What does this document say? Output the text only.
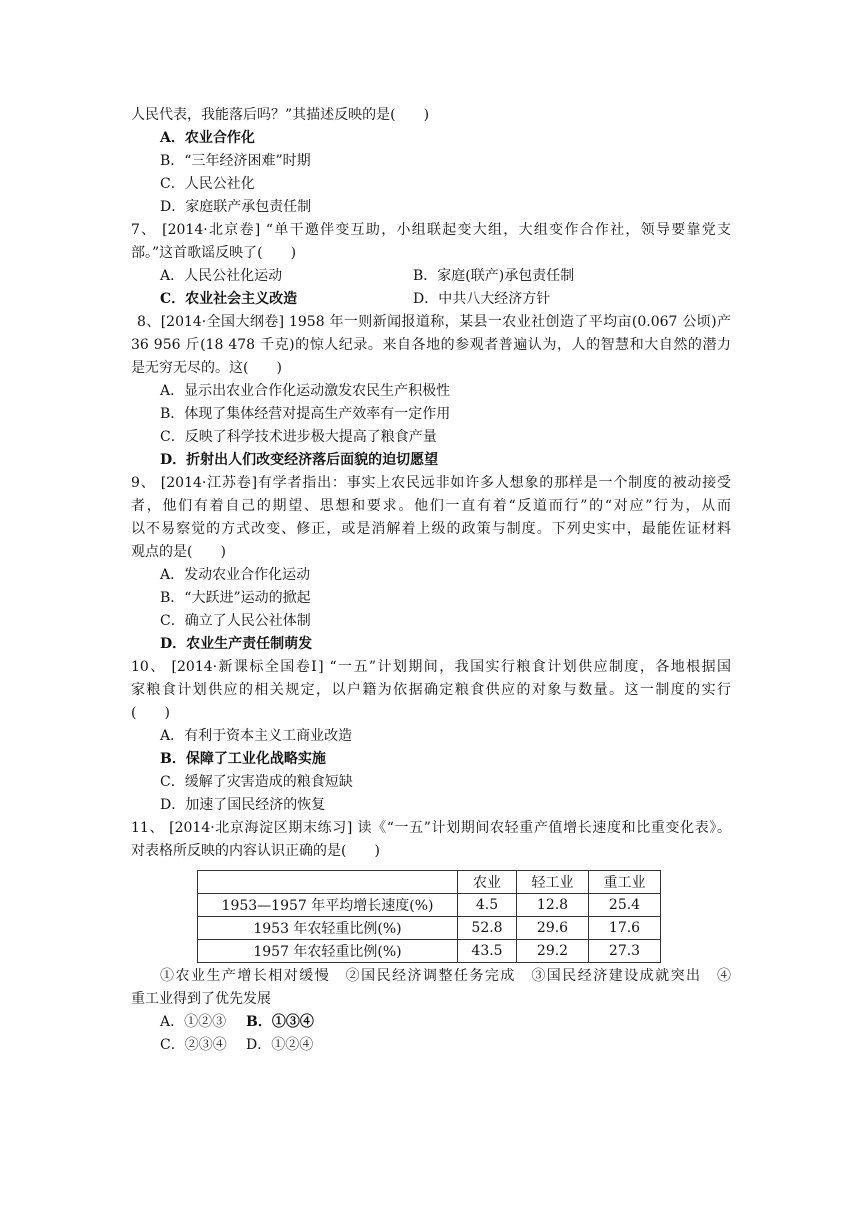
人民代表，我能落后吗？”其描述反映的是(　　)
A．农业合作化
B．“三年经济困难”时期
C．人民公社化
D．家庭联产承包责任制
7、 [2014·北京卷] “单干邀伴变互助，小组联起变大组，大组变作合作社，领导要靠党支
部。”这首歌谣反映了(　　)
A．人民公社化运动	B．家庭(联产)承包责任制
C．农业社会主义改造	D．中共八大经济方针
8、[2014·全国大纲卷] 1958 年一则新闻报道称，某县一农业社创造了平均亩(0.067 公顷)产
36 956 斤(18 478 千克)的惊人纪录。来自各地的参观者普遍认为，人的智慧和大自然的潜力
是无穷无尽的。这(　　)
A．显示出农业合作化运动激发农民生产积极性
B．体现了集体经营对提高生产效率有一定作用
C．反映了科学技术进步极大提高了粮食产量
D．折射出人们改变经济落后面貌的迫切愿望
9、 [2014·江苏卷]有学者指出：事实上农民远非如许多人想象的那样是一个制度的被动接受
者，他们有着自己的期望、思想和要求。他们一直有着“反道而行”的“对应”行为，从而
以不易察觉的方式改变、修正，或是消解着上级的政策与制度。下列史实中，最能佐证材料
观点的是(　　)
A．发动农业合作化运动
B．“大跃进”运动的掀起
C．确立了人民公社体制
D．农业生产责任制萌发
10、 [2014·新课标全国卷Ⅰ] “一五”计划期间，我国实行粮食计划供应制度，各地根据国
家粮食计划供应的相关规定，以户籍为依据确定粮食供应的对象与数量。这一制度的实行
(　　)
A．有利于资本主义工商业改造
B．保障了工业化战略实施
C．缓解了灾害造成的粮食短缺
D．加速了国民经济的恢复
11、 [2014·北京海淀区期末练习] 读《“一五”计划期间农轻重产值增长速度和比重变化表》。
对表格所反映的内容认识正确的是(　　)
	农业	轻工业	重工业
1953—1957 年平均增长速度(%)	4.5	12.8	25.4
1953 年农轻重比例(%)	52.8	29.6	17.6
1957 年农轻重比例(%)	43.5	29.2	27.3
①农业生产增长相对缓慢　②国民经济调整任务完成　③国民经济建设成就突出　④
重工业得到了优先发展
A．①②③ B．①③④
C．②③④ D．①②④
